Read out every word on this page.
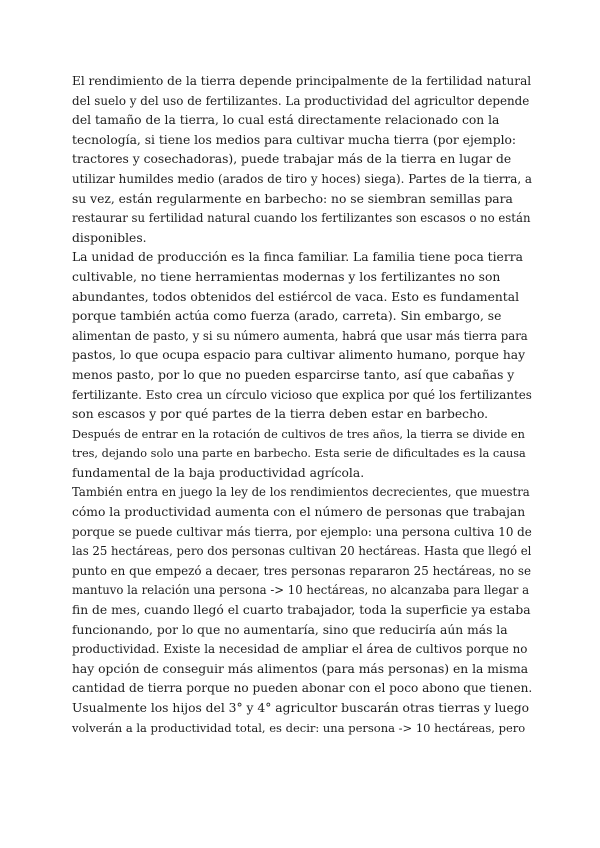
El rendimiento de la tierra depende principalmente de la fertilidad natural
del suelo y del uso de fertilizantes. La productividad del agricultor depende
del tamaño de la tierra, lo cual está directamente relacionado con la
tecnología, si tiene los medios para cultivar mucha tierra (por ejemplo:
tractores y cosechadoras), puede trabajar más de la tierra en lugar de
utilizar humildes medio (arados de tiro y hoces) siega). Partes de la tierra, a
su vez, están regularmente en barbecho: no se siembran semillas para
restaurar su fertilidad natural cuando los fertilizantes son escasos o no están
disponibles.
La unidad de producción es la finca familiar. La familia tiene poca tierra
cultivable, no tiene herramientas modernas y los fertilizantes no son
abundantes, todos obtenidos del estiércol de vaca. Esto es fundamental
porque también actúa como fuerza (arado, carreta). Sin embargo, se
alimentan de pasto, y si su número aumenta, habrá que usar más tierra para
pastos, lo que ocupa espacio para cultivar alimento humano, porque hay
menos pasto, por lo que no pueden esparcirse tanto, así que cabañas y
fertilizante. Esto crea un círculo vicioso que explica por qué los fertilizantes
son escasos y por qué partes de la tierra deben estar en barbecho.
Después de entrar en la rotación de cultivos de tres años, la tierra se divide en
tres, dejando solo una parte en barbecho. Esta serie de dificultades es la causa
fundamental de la baja productividad agrícola.
También entra en juego la ley de los rendimientos decrecientes, que muestra
cómo la productividad aumenta con el número de personas que trabajan
porque se puede cultivar más tierra, por ejemplo: una persona cultiva 10 de
las 25 hectáreas, pero dos personas cultivan 20 hectáreas. Hasta que llegó el
punto en que empezó a decaer, tres personas repararon 25 hectáreas, no se
mantuvo la relación una persona -> 10 hectáreas, no alcanzaba para llegar a
fin de mes, cuando llegó el cuarto trabajador, toda la superficie ya estaba
funcionando, por lo que no aumentaría, sino que reduciría aún más la
productividad. Existe la necesidad de ampliar el área de cultivos porque no
hay opción de conseguir más alimentos (para más personas) en la misma
cantidad de tierra porque no pueden abonar con el poco abono que tienen.
Usualmente los hijos del 3° y 4° agricultor buscarán otras tierras y luego
volverán a la productividad total, es decir: una persona -> 10 hectáreas, pero
